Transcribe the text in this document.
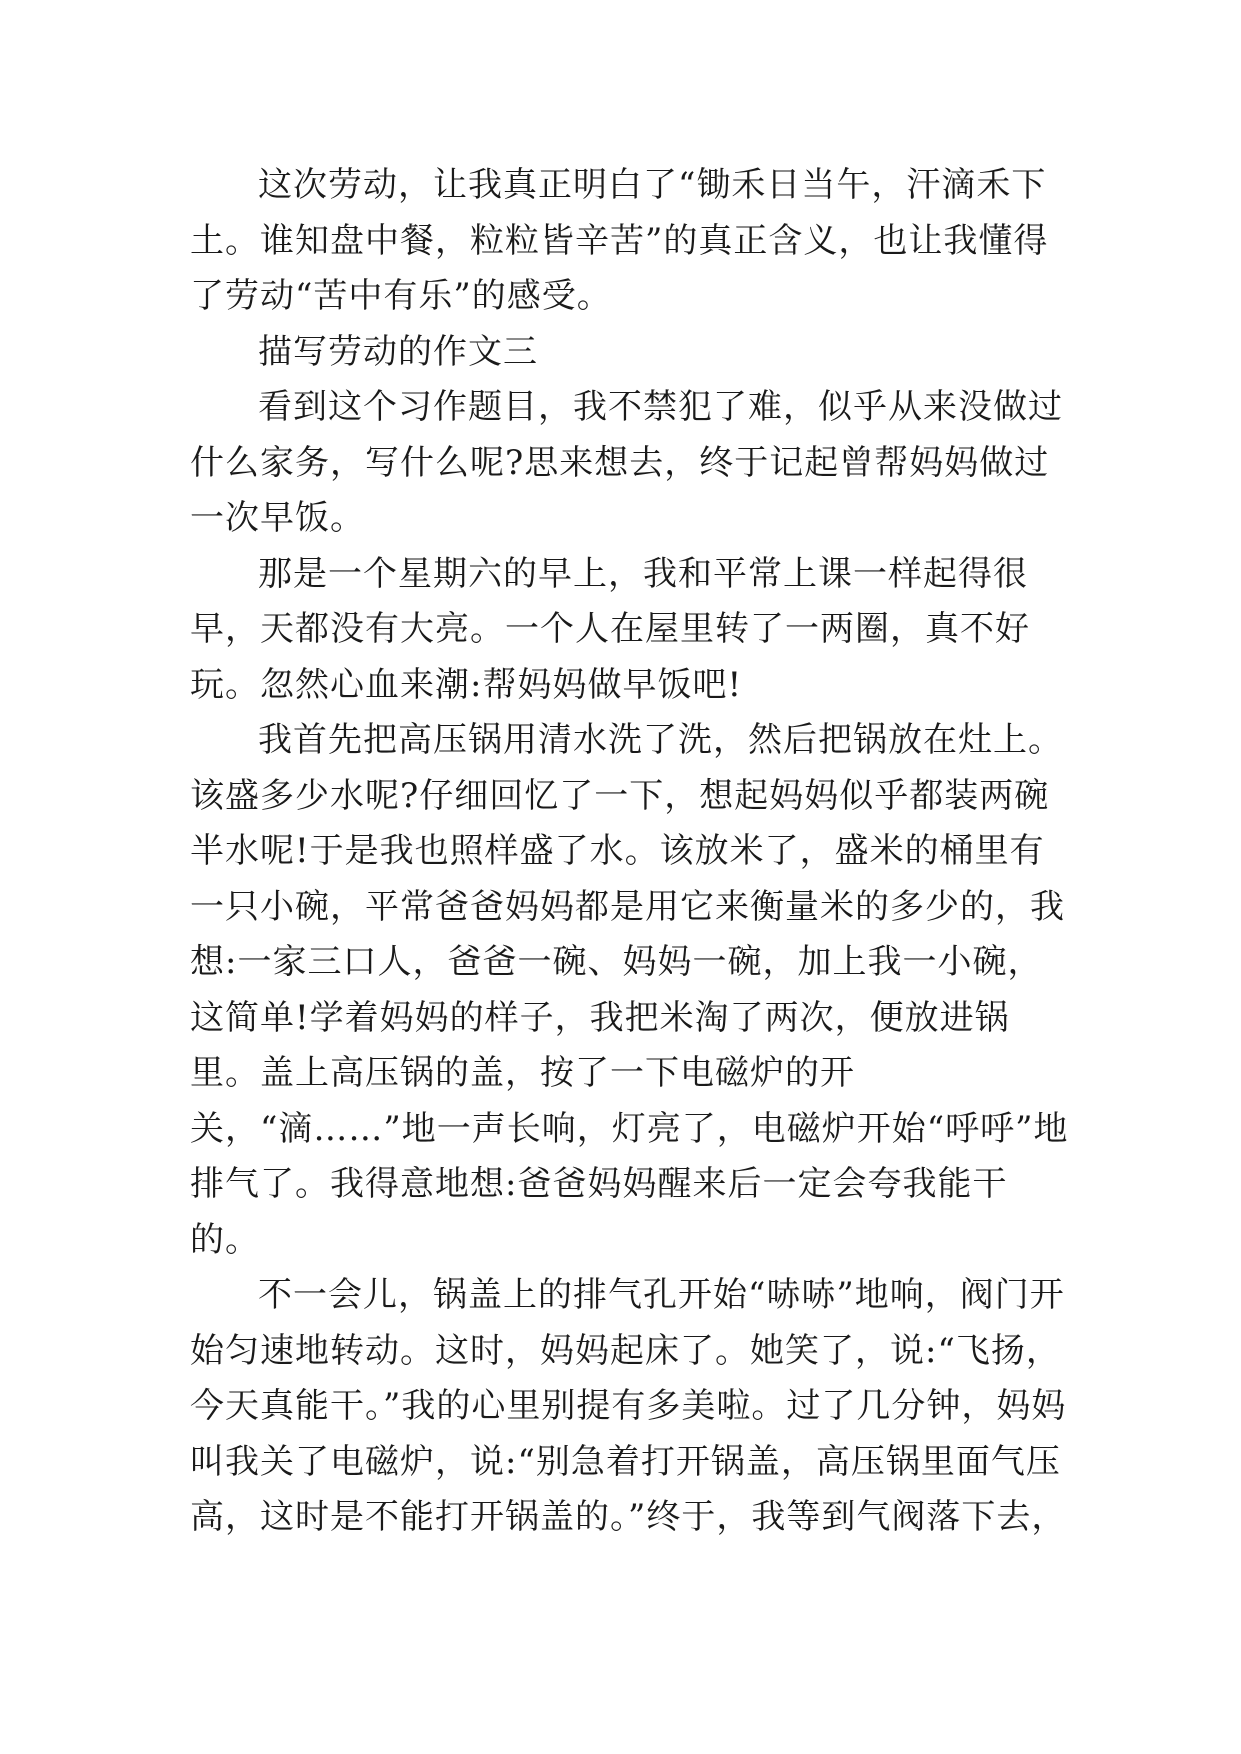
这次劳动，让我真正明白了“锄禾日当午，汗滴禾下土。谁知盘中餐，粒粒皆辛苦”的真正含义，也让我懂得了劳动“苦中有乐”的感受。

描写劳动的作文三

看到这个习作题目，我不禁犯了难，似乎从来没做过什么家务，写什么呢?思来想去，终于记起曾帮妈妈做过一次早饭。

那是一个星期六的早上，我和平常上课一样起得很早，天都没有大亮。一个人在屋里转了一两圈，真不好玩。忽然心血来潮:帮妈妈做早饭吧!

我首先把高压锅用清水洗了洗，然后把锅放在灶上。该盛多少水呢?仔细回忆了一下，想起妈妈似乎都装两碗半水呢!于是我也照样盛了水。该放米了，盛米的桶里有一只小碗，平常爸爸妈妈都是用它来衡量米的多少的，我想:一家三口人，爸爸一碗、妈妈一碗，加上我一小碗，这简单!学着妈妈的样子，我把米淘了两次，便放进锅里。盖上高压锅的盖，按了一下电磁炉的开关，“滴……”地一声长响，灯亮了，电磁炉开始“呼呼”地排气了。我得意地想:爸爸妈妈醒来后一定会夸我能干的。

不一会儿，锅盖上的排气孔开始“哧哧”地响，阀门开始匀速地转动。这时，妈妈起床了。她笑了，说:“飞扬，今天真能干。”我的心里别提有多美啦。过了几分钟，妈妈叫我关了电磁炉，说:“别急着打开锅盖，高压锅里面气压高，这时是不能打开锅盖的。”终于，我等到气阀落下去，
